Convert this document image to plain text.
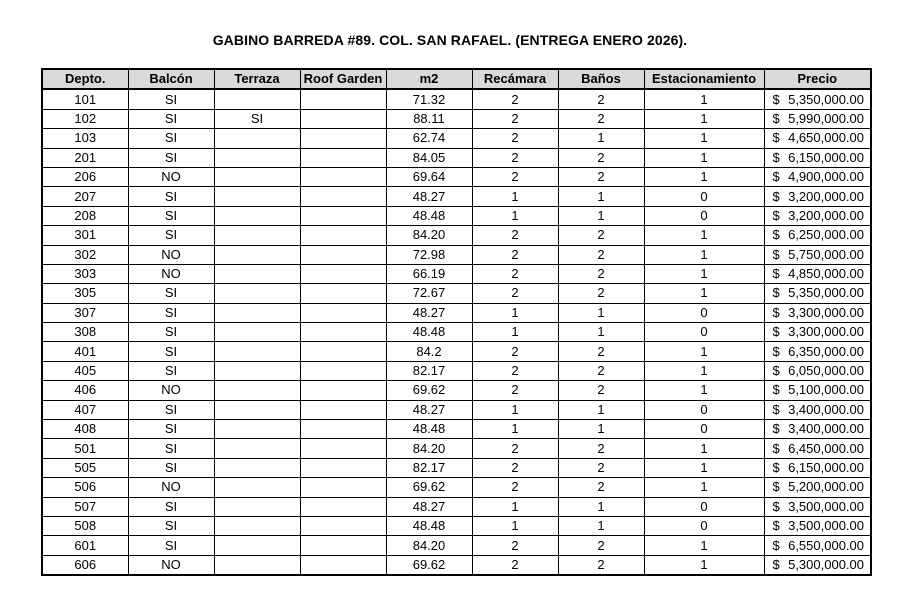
GABINO BARREDA #89. COL. SAN RAFAEL. (ENTREGA ENERO 2026).
Depto.	Balcón	Terraza	Roof Garden	m2	Recámara	Baños	Estacionamiento	Precio
101	SI			71.32	2	2	1	$ 5,350,000.00
102	SI	SI		88.11	2	2	1	$ 5,990,000.00
103	SI			62.74	2	1	1	$ 4,650,000.00
201	SI			84.05	2	2	1	$ 6,150,000.00
206	NO			69.64	2	2	1	$ 4,900,000.00
207	SI			48.27	1	1	0	$ 3,200,000.00
208	SI			48.48	1	1	0	$ 3,200,000.00
301	SI			84.20	2	2	1	$ 6,250,000.00
302	NO			72.98	2	2	1	$ 5,750,000.00
303	NO			66.19	2	2	1	$ 4,850,000.00
305	SI			72.67	2	2	1	$ 5,350,000.00
307	SI			48.27	1	1	0	$ 3,300,000.00
308	SI			48.48	1	1	0	$ 3,300,000.00
401	SI			84.2	2	2	1	$ 6,350,000.00
405	SI			82.17	2	2	1	$ 6,050,000.00
406	NO			69.62	2	2	1	$ 5,100,000.00
407	SI			48.27	1	1	0	$ 3,400,000.00
408	SI			48.48	1	1	0	$ 3,400,000.00
501	SI			84.20	2	2	1	$ 6,450,000.00
505	SI			82.17	2	2	1	$ 6,150,000.00
506	NO			69.62	2	2	1	$ 5,200,000.00
507	SI			48.27	1	1	0	$ 3,500,000.00
508	SI			48.48	1	1	0	$ 3,500,000.00
601	SI			84.20	2	2	1	$ 6,550,000.00
606	NO			69.62	2	2	1	$ 5,300,000.00
